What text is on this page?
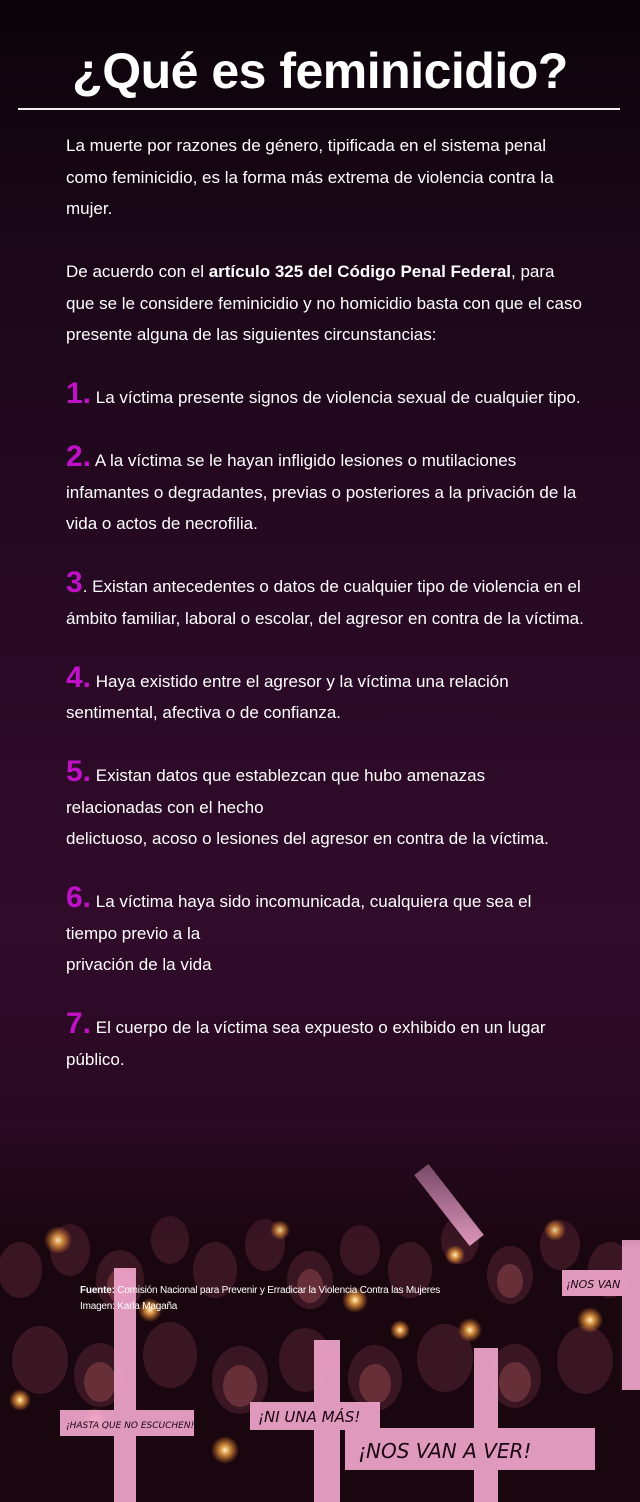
¿Qué es feminicidio?

La muerte por razones de género, tipificada en el sistema penal como feminicidio, es la forma más extrema de violencia contra la mujer.

De acuerdo con el artículo 325 del Código Penal Federal, para que se le considere feminicidio y no homicidio basta con que el caso presente alguna de las siguientes circunstancias:

1. La víctima presente signos de violencia sexual de cualquier tipo.

2. A la víctima se le hayan infligido lesiones o mutilaciones infamantes o degradantes, previas o posteriores a la privación de la vida o actos de necrofilia.

3. Existan antecedentes o datos de cualquier tipo de violencia en el ámbito familiar, laboral o escolar, del agresor en contra de la víctima.

4. Haya existido entre el agresor y la víctima una relación sentimental, afectiva o de confianza.

5. Existan datos que establezcan que hubo amenazas relacionadas con el hecho
delictuoso, acoso o lesiones del agresor en contra de la víctima.

6. La víctima haya sido incomunicada, cualquiera que sea el tiempo previo a la
privación de la vida

7. El cuerpo de la víctima sea expuesto o exhibido en un lugar público.

¡HASTA QUE NO ESCUCHEN!	¡NI UNA MÁS!
¡NOS VAN A VER!
¡NOS VAN
Fuente: Comisión Nacional para Prevenir y Erradicar la Violencia Contra las Mujeres
Imagen: Karla Magaña
